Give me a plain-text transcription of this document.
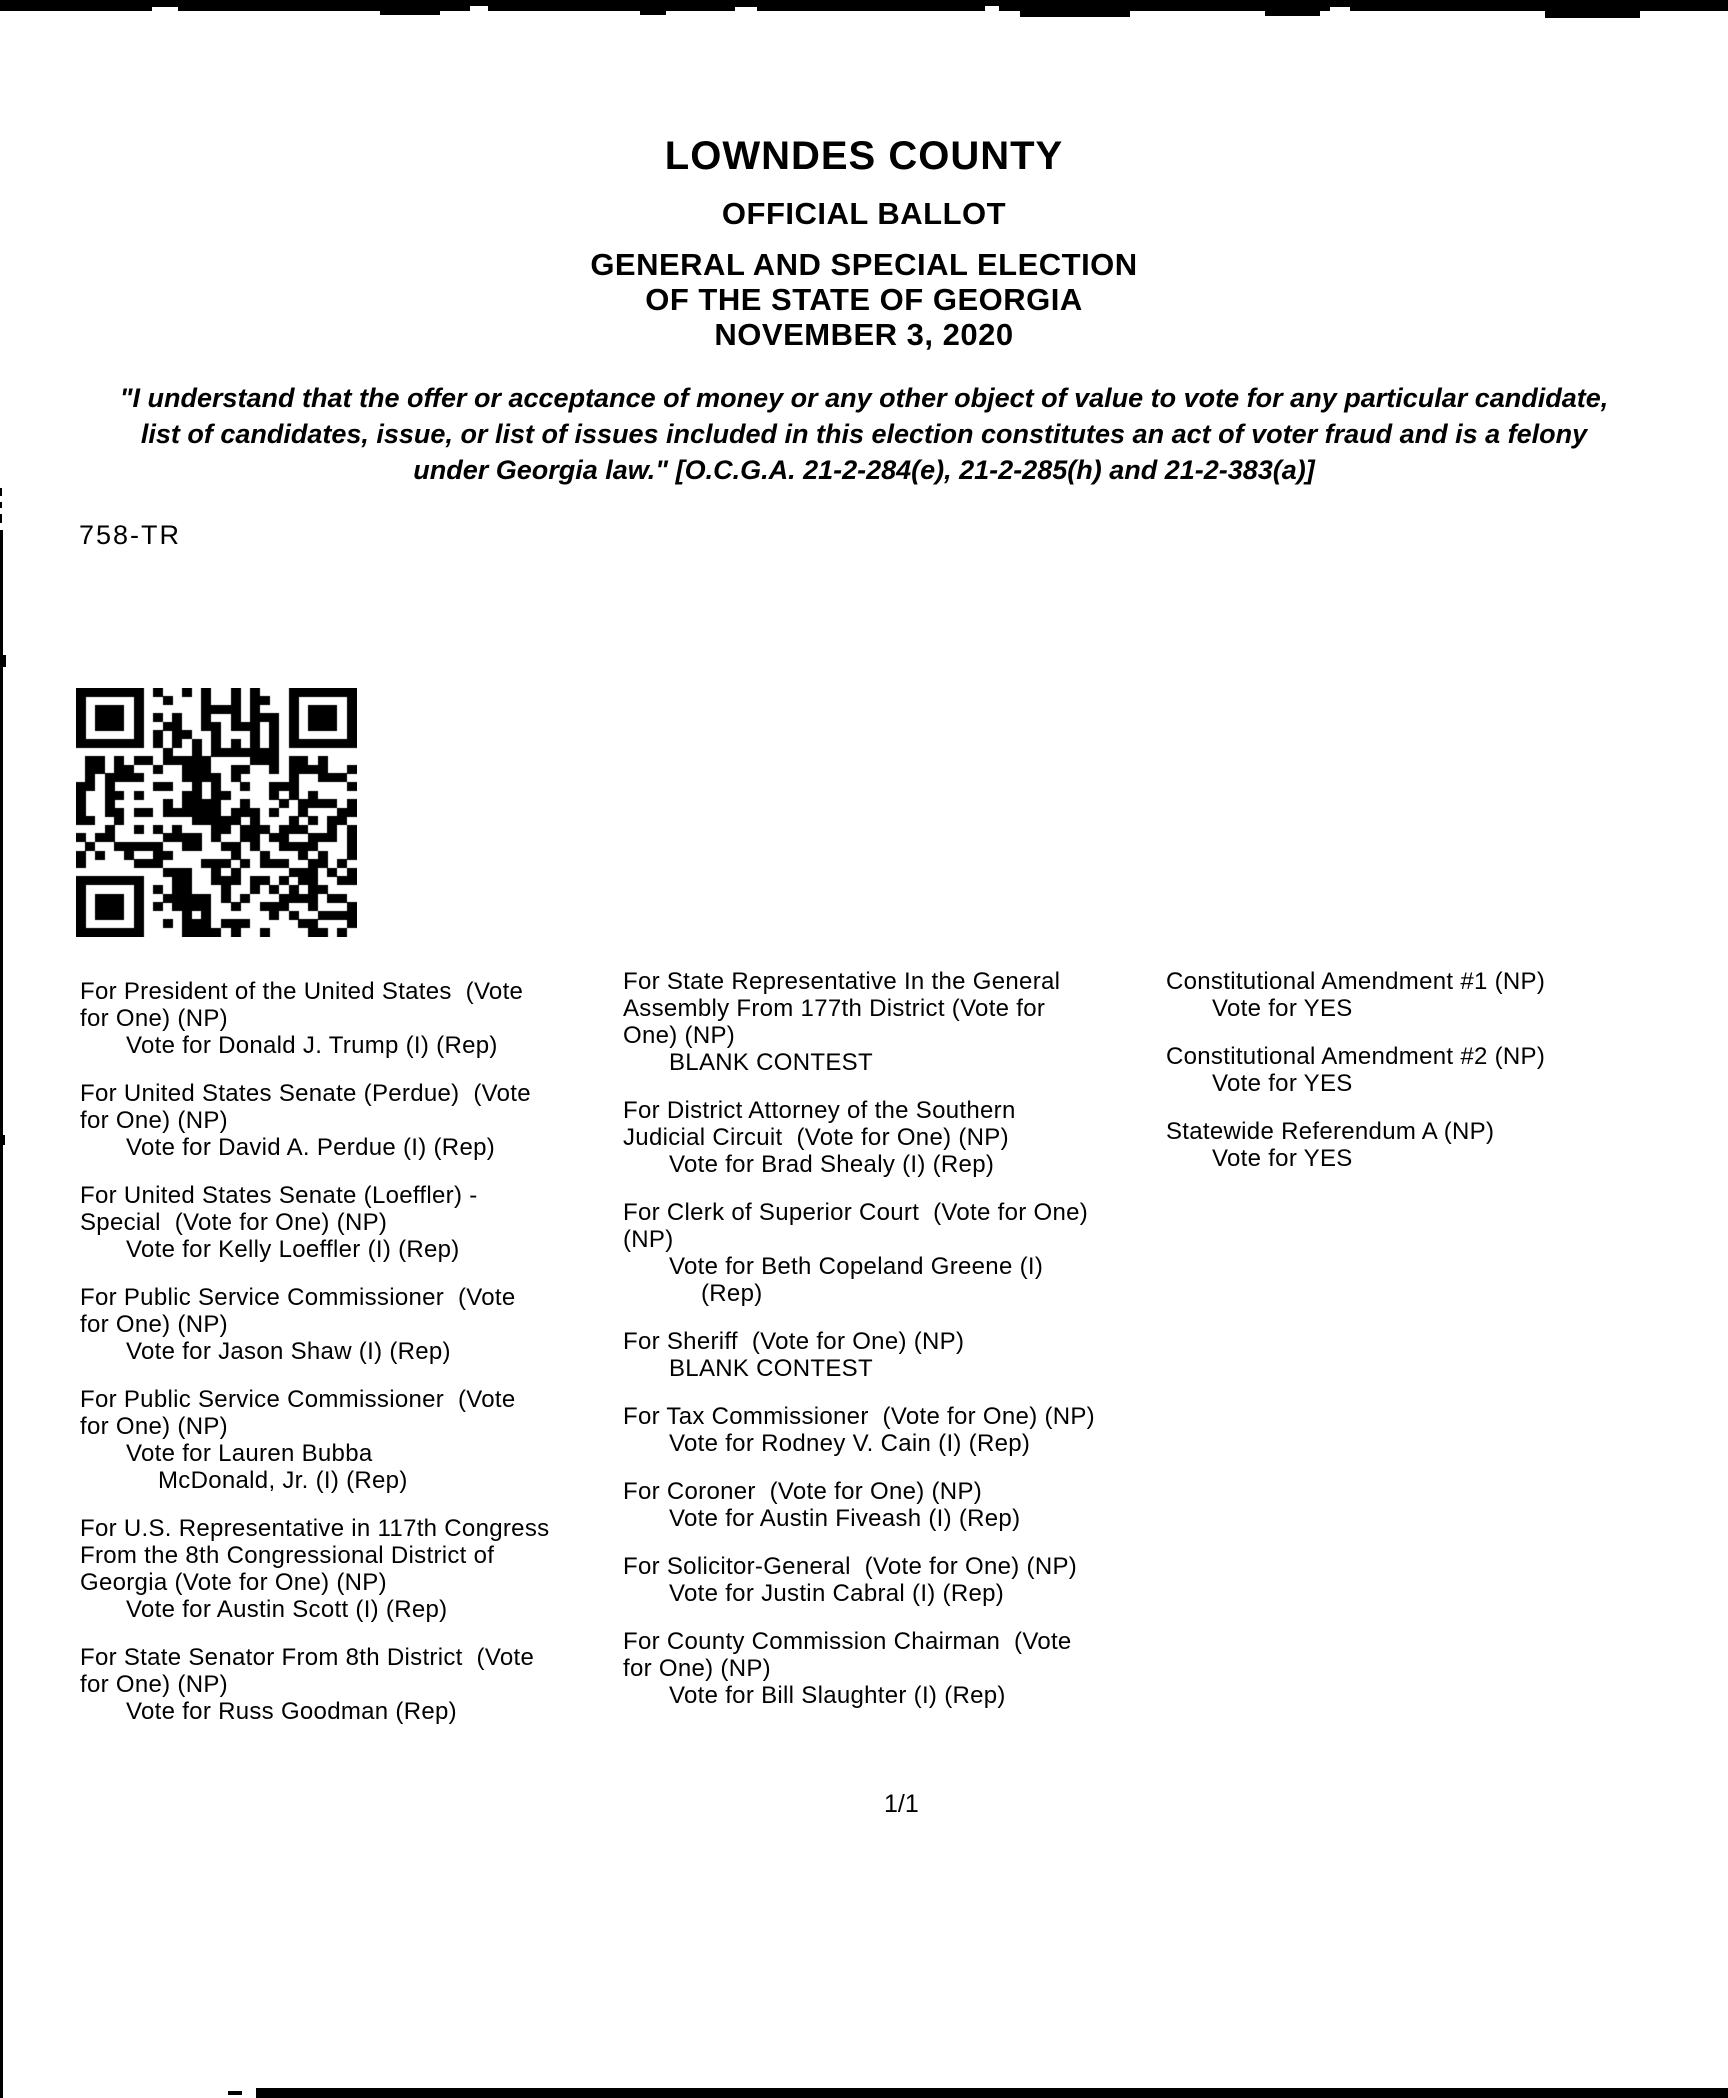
LOWNDES COUNTY
OFFICIAL BALLOT
GENERAL AND SPECIAL ELECTION
OF THE STATE OF GEORGIA
NOVEMBER 3, 2020
"I understand that the offer or acceptance of money or any other object of value to vote for any particular candidate,
list of candidates, issue, or list of issues included in this election constitutes an act of voter fraud and is a felony
under Georgia law." [O.C.G.A. 21-2-284(e), 21-2-285(h) and 21-2-383(a)]
758-TR
For President of the United States  (Vote
for One) (NP)
Vote for Donald J. Trump (I) (Rep)
For United States Senate (Perdue)  (Vote
for One) (NP)
Vote for David A. Perdue (I) (Rep)
For United States Senate (Loeffler) -
Special  (Vote for One) (NP)
Vote for Kelly Loeffler (I) (Rep)
For Public Service Commissioner  (Vote
for One) (NP)
Vote for Jason Shaw (I) (Rep)
For Public Service Commissioner  (Vote
for One) (NP)
Vote for Lauren Bubba
McDonald, Jr. (I) (Rep)
For U.S. Representative in 117th Congress
From the 8th Congressional District of
Georgia (Vote for One) (NP)
Vote for Austin Scott (I) (Rep)
For State Senator From 8th District  (Vote
for One) (NP)
Vote for Russ Goodman (Rep)
For State Representative In the General
Assembly From 177th District (Vote for
One) (NP)
BLANK CONTEST
For District Attorney of the Southern
Judicial Circuit  (Vote for One) (NP)
Vote for Brad Shealy (I) (Rep)
For Clerk of Superior Court  (Vote for One)
(NP)
Vote for Beth Copeland Greene (I)
(Rep)
For Sheriff  (Vote for One) (NP)
BLANK CONTEST
For Tax Commissioner  (Vote for One) (NP)
Vote for Rodney V. Cain (I) (Rep)
For Coroner  (Vote for One) (NP)
Vote for Austin Fiveash (I) (Rep)
For Solicitor-General  (Vote for One) (NP)
Vote for Justin Cabral (I) (Rep)
For County Commission Chairman  (Vote
for One) (NP)
Vote for Bill Slaughter (I) (Rep)
Constitutional Amendment #1 (NP)
Vote for YES
Constitutional Amendment #2 (NP)
Vote for YES
Statewide Referendum A (NP)
Vote for YES
1/1
